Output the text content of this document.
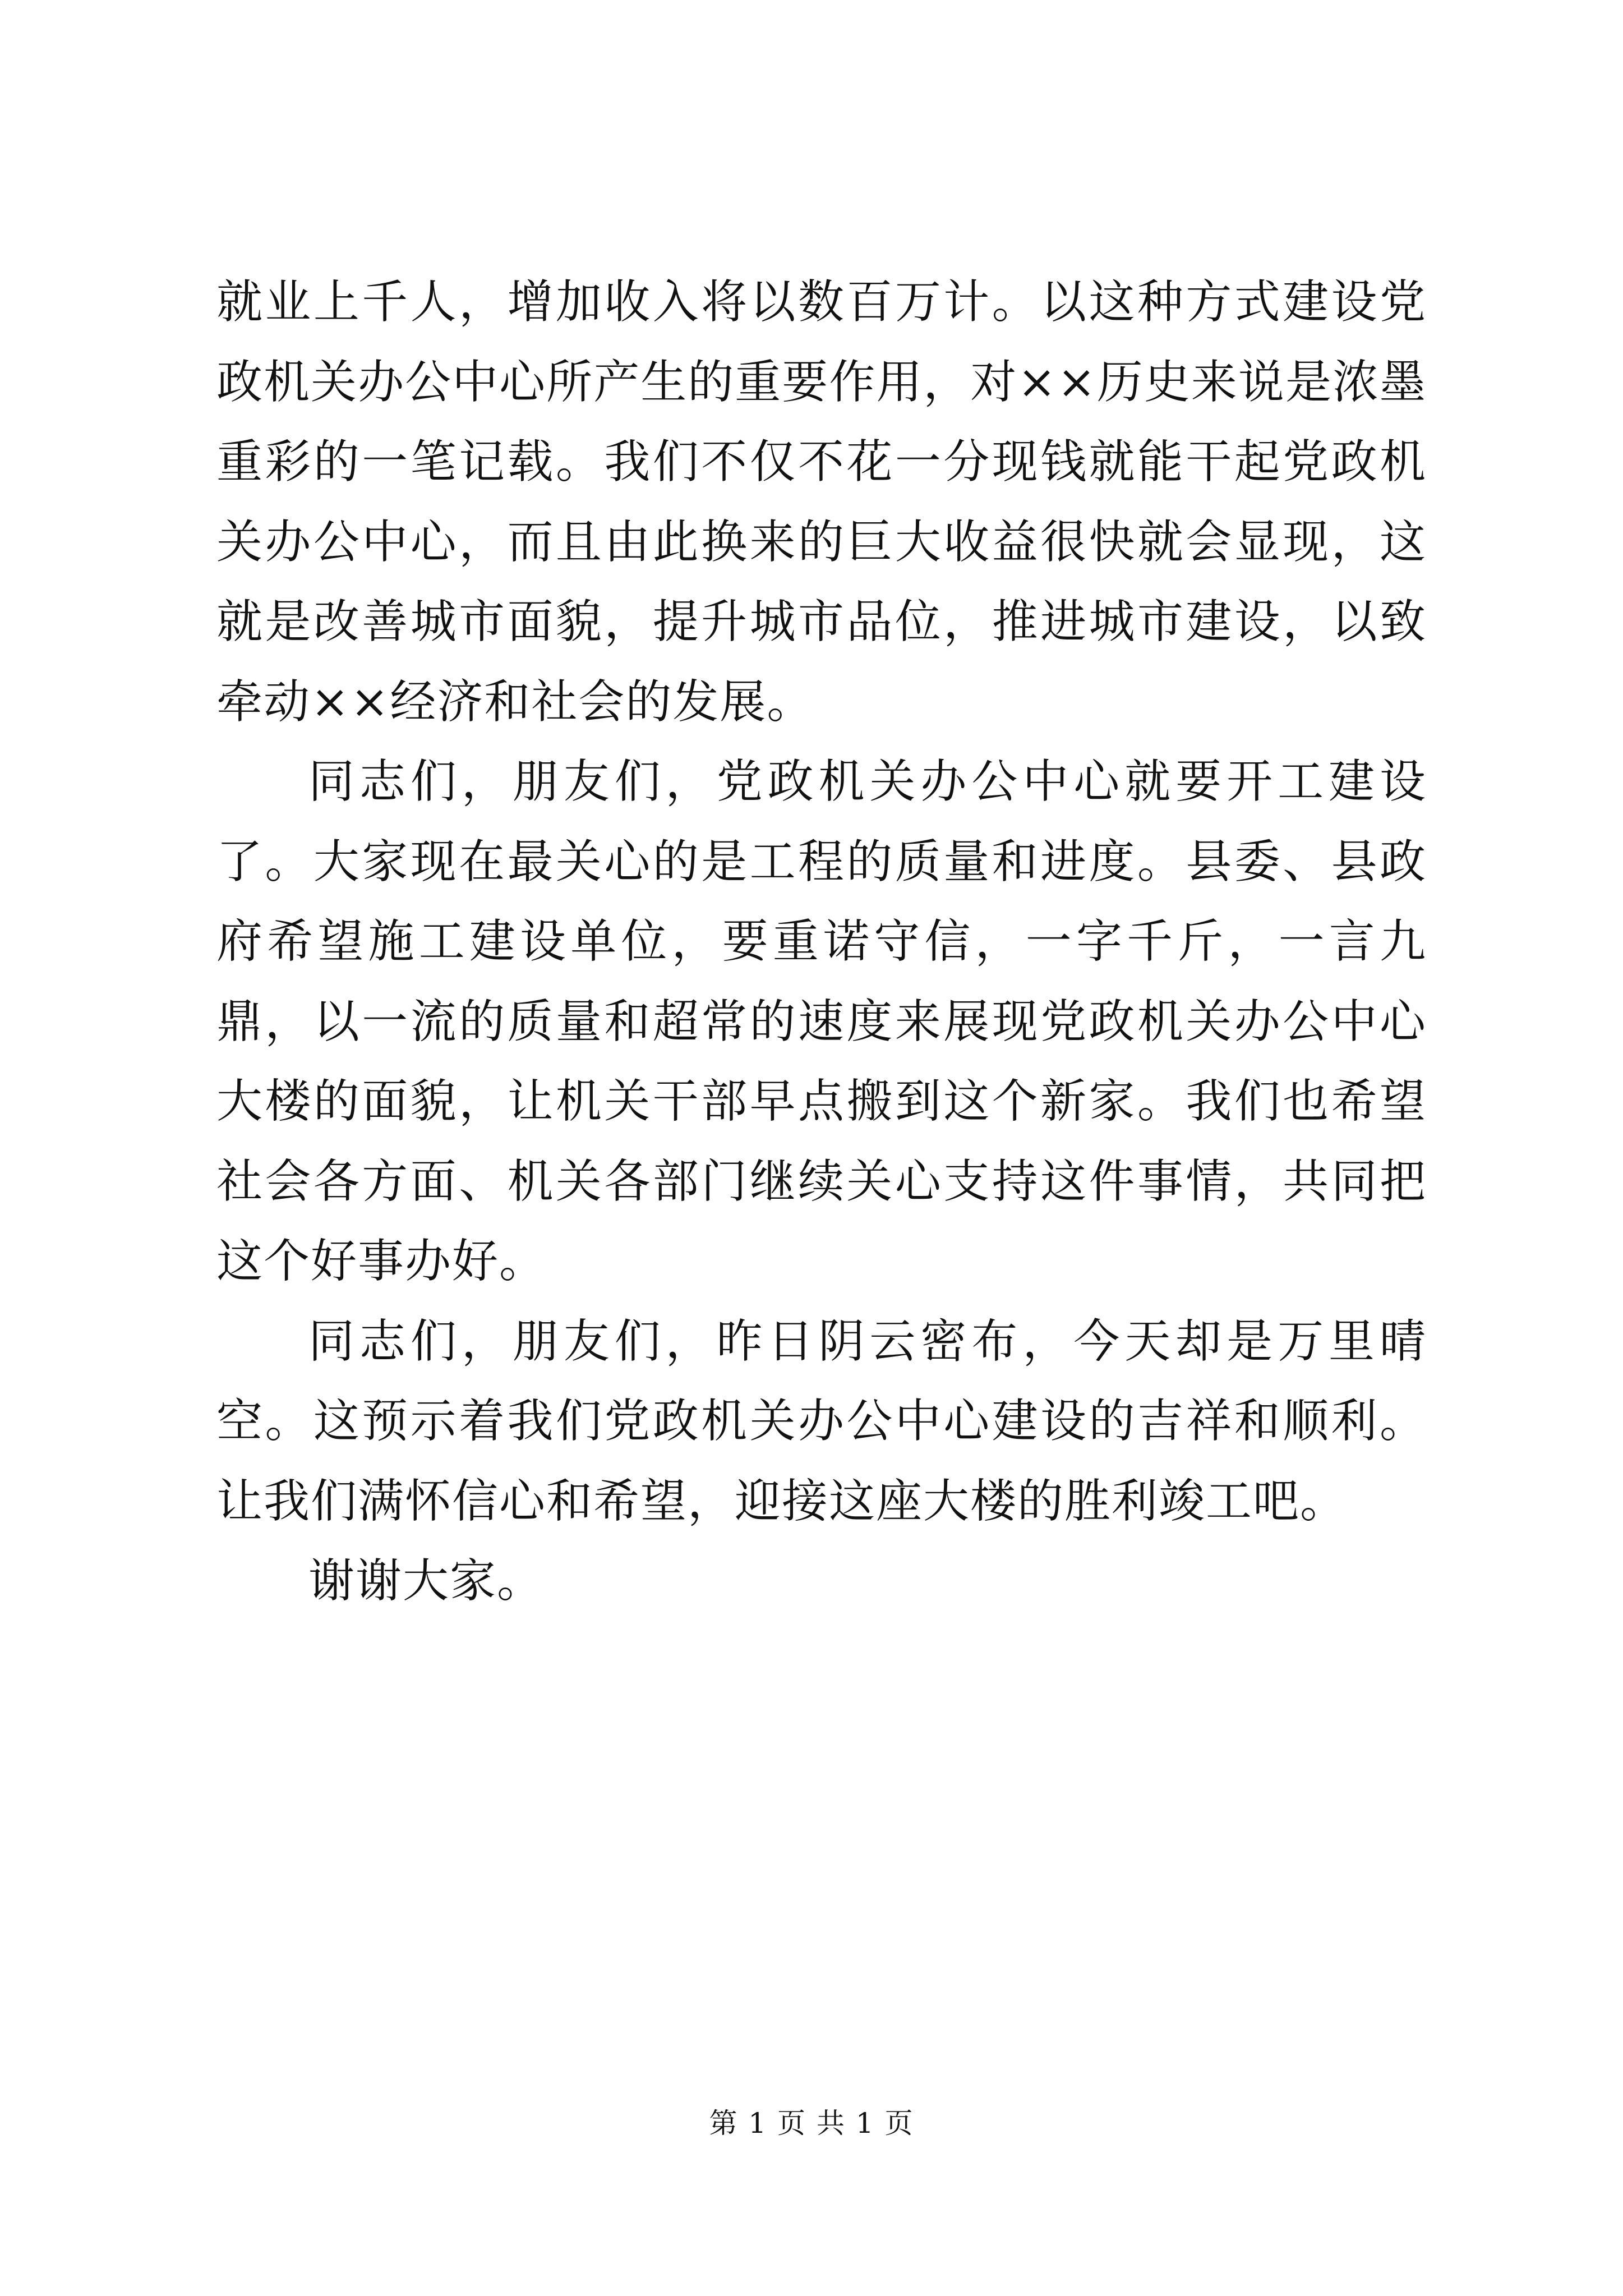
就业上千人，增加收入将以数百万计。以这种方式建设党政机关办公中心所产生的重要作用，对××历史来说是浓墨重彩的一笔记载。我们不仅不花一分现钱就能干起党政机关办公中心，而且由此换来的巨大收益很快就会显现，这就是改善城市面貌，提升城市品位，推进城市建设，以致牵动××经济和社会的发展。

同志们，朋友们，党政机关办公中心就要开工建设了。大家现在最关心的是工程的质量和进度。县委、县政府希望施工建设单位，要重诺守信，一字千斤，一言九鼎，以一流的质量和超常的速度来展现党政机关办公中心大楼的面貌，让机关干部早点搬到这个新家。我们也希望社会各方面、机关各部门继续关心支持这件事情，共同把这个好事办好。

同志们，朋友们，昨日阴云密布，今天却是万里晴空。这预示着我们党政机关办公中心建设的吉祥和顺利。让我们满怀信心和希望，迎接这座大楼的胜利竣工吧。

谢谢大家。

第 1 页 共 1 页
